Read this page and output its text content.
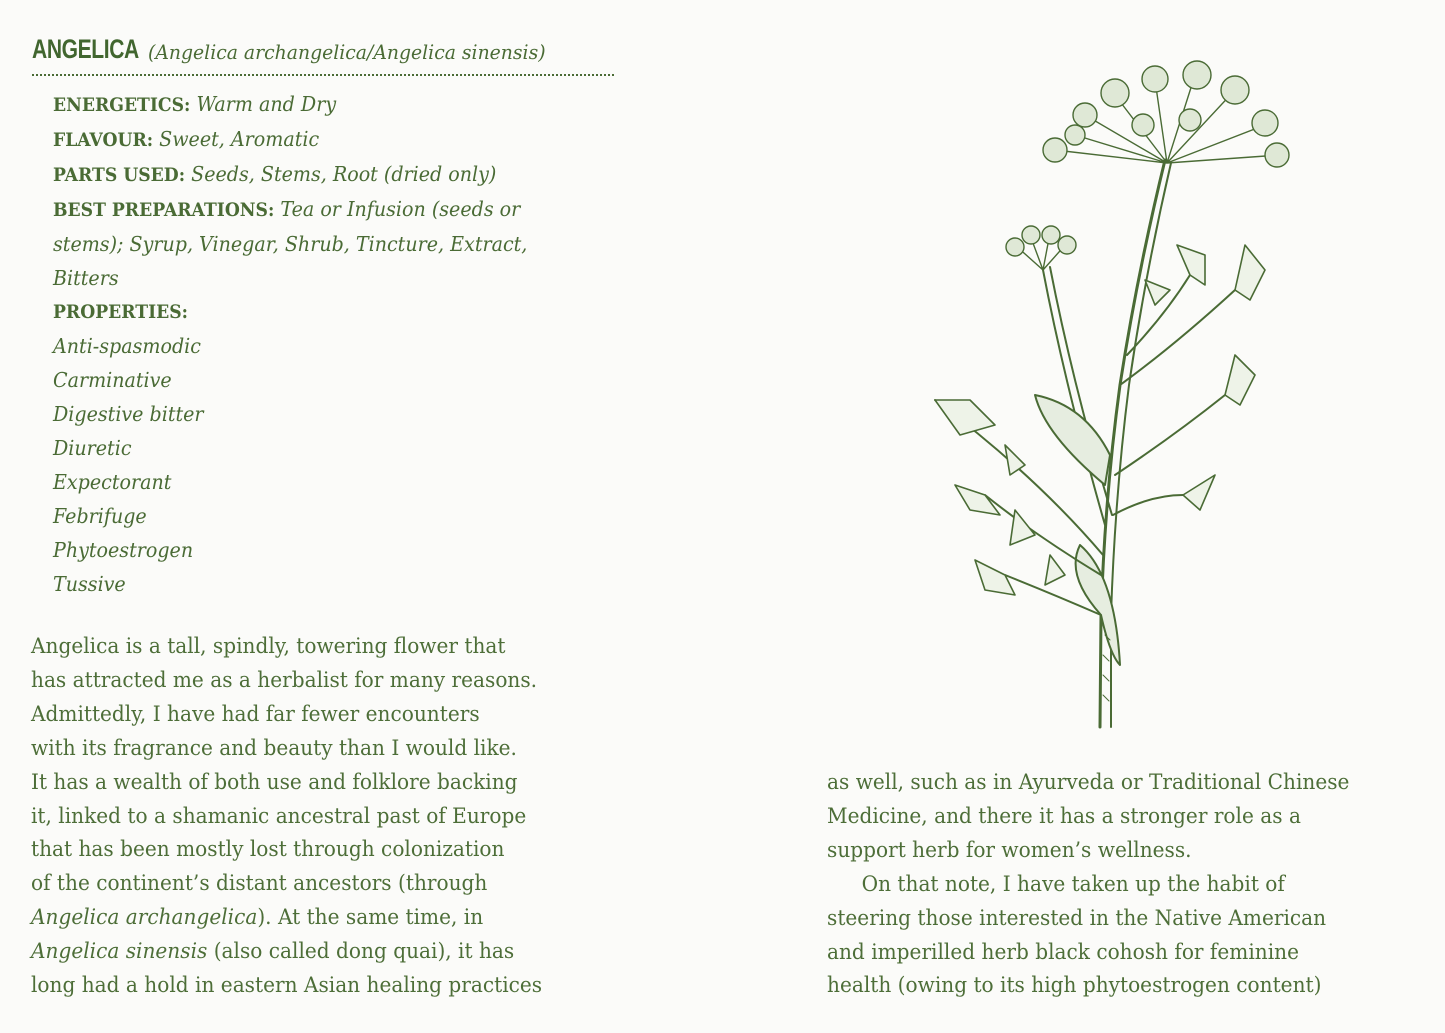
ANGELICA (Angelica archangelica/Angelica sinensis)
ENERGETICS: Warm and Dry
FLAVOUR: Sweet, Aromatic
PARTS USED: Seeds, Stems, Root (dried only)
BEST PREPARATIONS: Tea or Infusion (seeds or
stems); Syrup, Vinegar, Shrub, Tincture, Extract,
Bitters
PROPERTIES:
Anti-spasmodic
Carminative
Digestive bitter
Diuretic
Expectorant
Febrifuge
Phytoestrogen
Tussive
Angelica is a tall, spindly, towering flower that
has attracted me as a herbalist for many reasons.
Admittedly, I have had far fewer encounters
with its fragrance and beauty than I would like.
It has a wealth of both use and folklore backing
it, linked to a shamanic ancestral past of Europe
that has been mostly lost through colonization
of the continent’s distant ancestors (through
Angelica archangelica). At the same time, in
Angelica sinensis (also called dong quai), it has
long had a hold in eastern Asian healing practices
as well, such as in Ayurveda or Traditional Chinese
Medicine, and there it has a stronger role as a
support herb for women’s wellness.
On that note, I have taken up the habit of
steering those interested in the Native American
and imperilled herb black cohosh for feminine
health (owing to its high phytoestrogen content)
